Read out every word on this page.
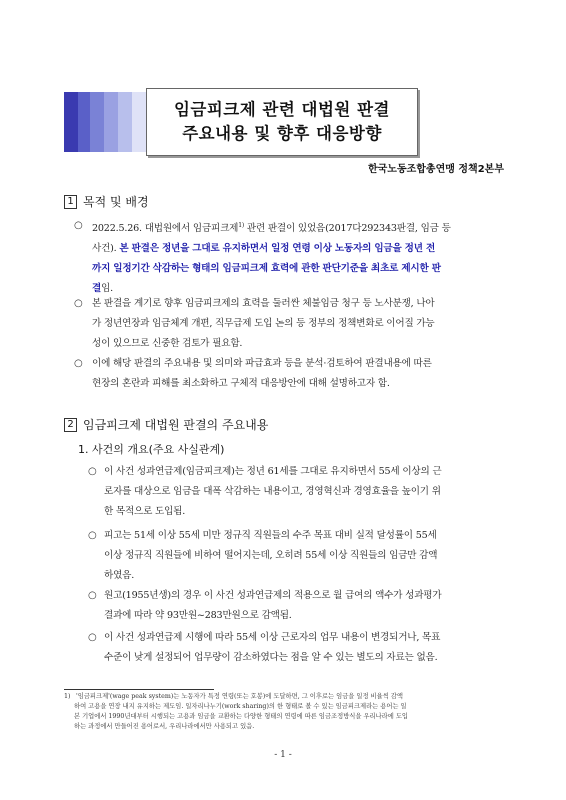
임금피크제 관련 대법원 판결
주요내용 및 향후 대응방향
한국노동조합총연맹 정책2본부
1 목적 및 배경
○ 2022.5.26. 대법원에서 임금피크제$^{1)}$ 관련 판결이 있었음(2017다292343판결, 임금 등
사건). 본 판결은 정년을 그대로 유지하면서 일정 연령 이상 노동자의 임금을 정년 전
까지 일정기간 삭감하는 형태의 임금피크제 효력에 관한 판단기준을 최초로 제시한 판
결임.
○ 본 판결을 계기로 향후 임금피크제의 효력을 둘러싼 체불임금 청구 등 노사분쟁, 나아
가 정년연장과 임금체계 개편, 직무급제 도입 논의 등 정부의 정책변화로 이어질 가능
성이 있으므로 신중한 검토가 필요함.
○ 이에 해당 판결의 주요내용 및 의미와 파급효과 등을 분석·검토하여 판결내용에 따른
현장의 혼란과 피해를 최소화하고 구체적 대응방안에 대해 설명하고자 함.
2 임금피크제 대법원 판결의 주요내용
1. 사건의 개요(주요 사실관계)
○ 이 사건 성과연급제(임금피크제)는 정년 61세를 그대로 유지하면서 55세 이상의 근
로자를 대상으로 임금을 대폭 삭감하는 내용이고, 경영혁신과 경영효율을 높이기 위
한 목적으로 도입됨.
○ 피고는 51세 이상 55세 미만 정규직 직원들의 수주 목표 대비 실적 달성률이 55세
이상 정규직 직원들에 비하여 떨어지는데, 오히려 55세 이상 직원들의 임금만 감액
하였음.
○ 원고(1955년생)의 경우 이 사건 성과연급제의 적용으로 월 급여의 액수가 성과평가
결과에 따라 약 93만원~283만원으로 감액됨.
○ 이 사건 성과연급제 시행에 따라 55세 이상 근로자의 업무 내용이 변경되거나, 목표
수준이 낮게 설정되어 업무량이 감소하였다는 점을 알 수 있는 별도의 자료는 없음.
1) '임금피크제'(wage peak system)는 노동자가 특정 연령(또는 호봉)에 도달하면, 그 이후로는 임금을 일정 비율씩 감액
하여 고용을 연장 내지 유지하는 제도임. 일자리나누기(work sharing)의 한 형태로 볼 수 있는 임금피크제라는 용어는 일
본 기업에서 1990년대부터 시행되는 고용과 임금을 교환하는 다양한 형태의 연령에 따른 임금조정방식을 우리나라에 도입
하는 과정에서 만들어진 용어로서, 우리나라에서만 사용되고 있음.
- 1 -
